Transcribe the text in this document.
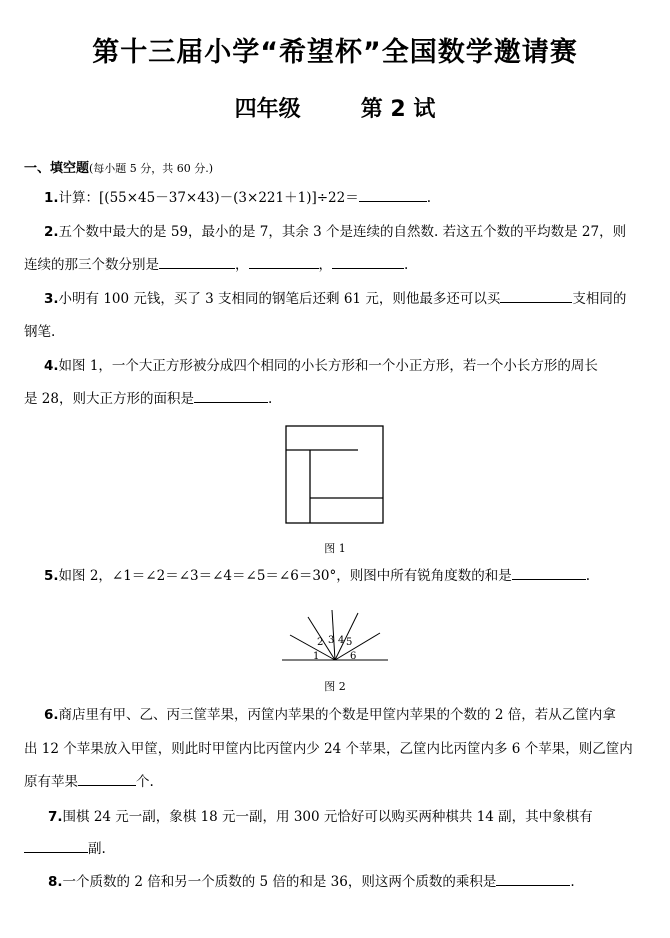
第十三届小学“希望杯”全国数学邀请赛
四年级	第 2 试
一、填空题(每小题 5 分，共 60 分.)
1.计算：[(55×45－37×43)－(3×221＋1)]÷22＝	.
2.五个数中最大的是 59，最小的是 7，其余 3 个是连续的自然数. 若这五个数的平均数是 27，则
连续的那三个数分别是	，	，	.
3.小明有 100 元钱，买了 3 支相同的钢笔后还剩 61 元，则他最多还可以买	支相同的
钢笔.
4.如图 1，一个大正方形被分成四个相同的小长方形和一个小正方形，若一个小长方形的周长
是 28，则大正方形的面积是	.
图 1
5.如图 2，∠1＝∠2＝∠3＝∠4＝∠5＝∠6＝30°，则图中所有锐角度数的和是	.
1
2 3 4 5
6
图 2
6.商店里有甲、乙、丙三筐苹果，丙筐内苹果的个数是甲筐内苹果的个数的 2 倍，若从乙筐内拿
出 12 个苹果放入甲筐，则此时甲筐内比丙筐内少 24 个苹果，乙筐内比丙筐内多 6 个苹果，则乙筐内
原有苹果	个.
7.围棋 24 元一副，象棋 18 元一副，用 300 元恰好可以购买两种棋共 14 副，其中象棋有
副.
8.一个质数的 2 倍和另一个质数的 5 倍的和是 36，则这两个质数的乘积是	.
